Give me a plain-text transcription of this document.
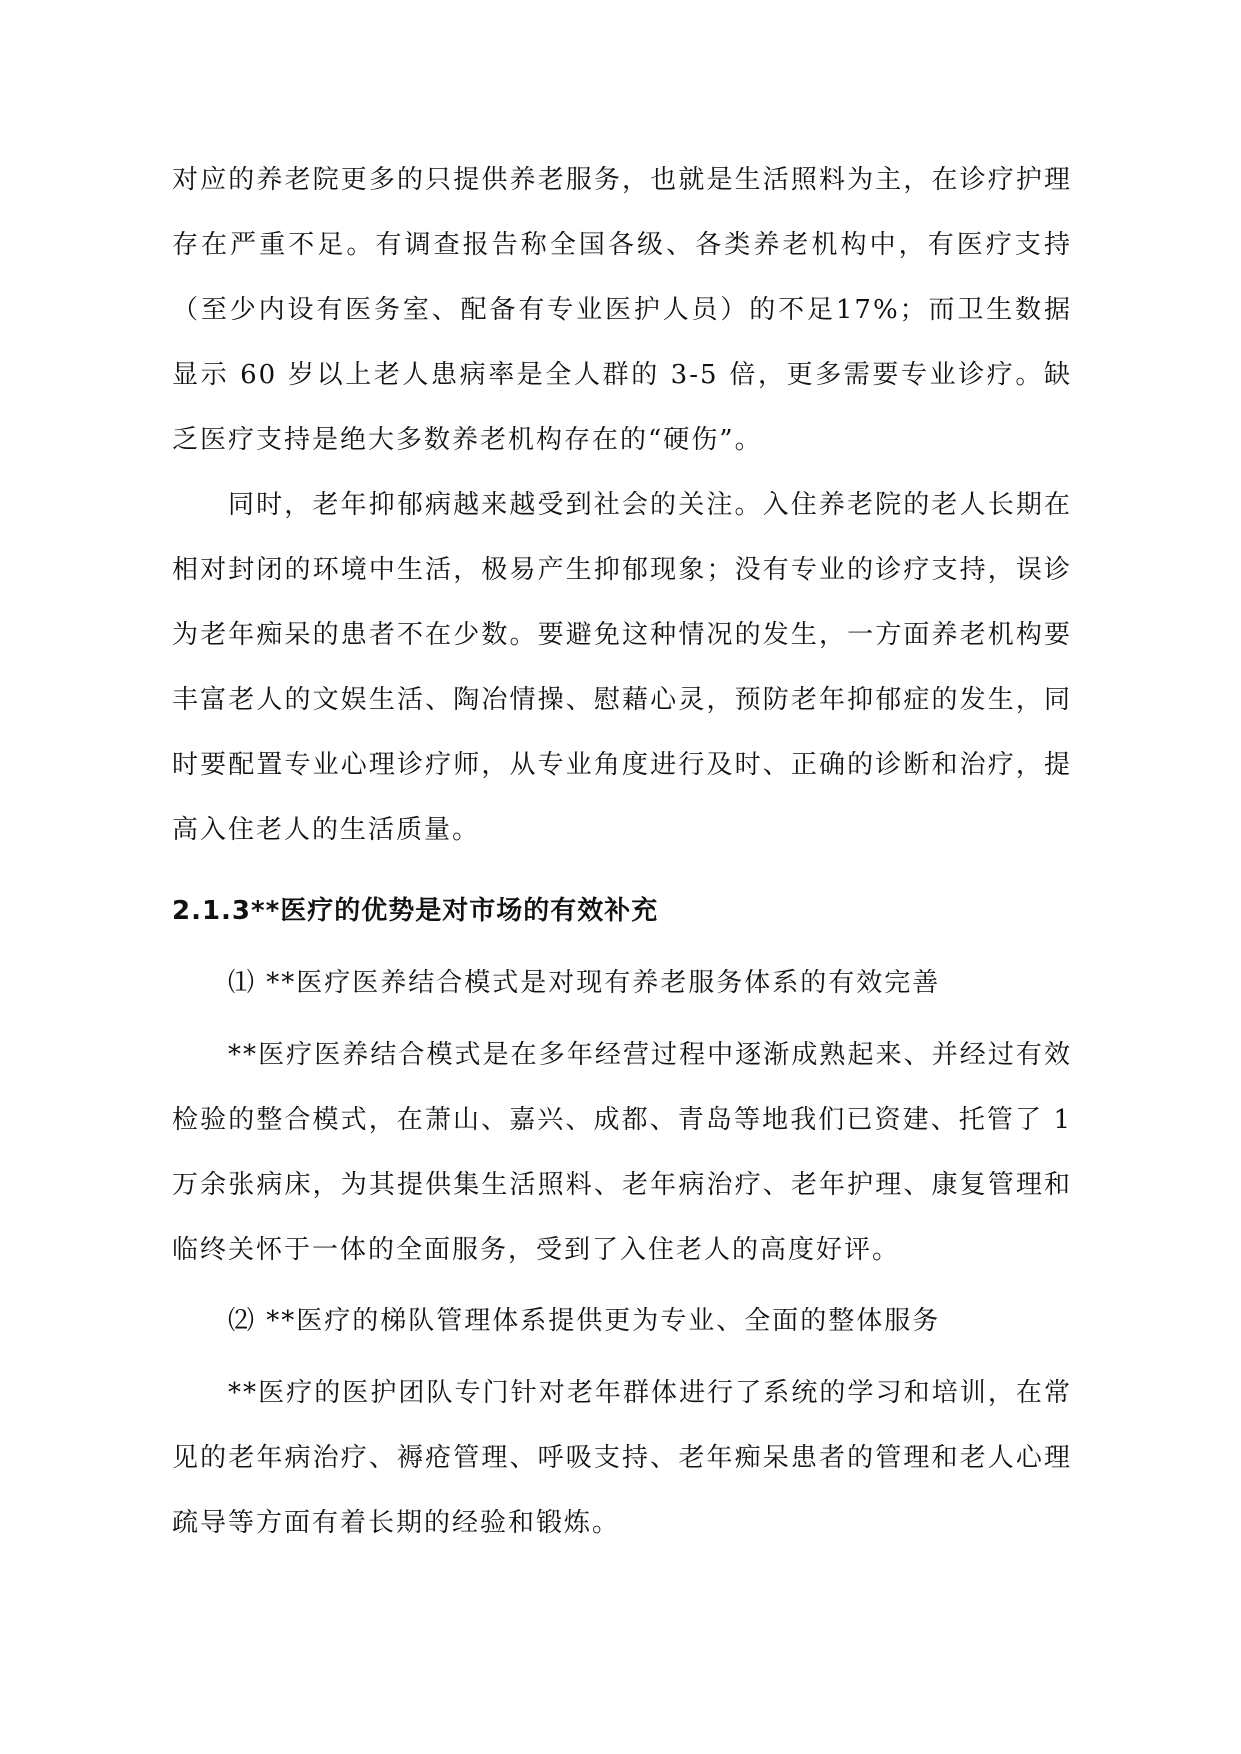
对应的养老院更多的只提供养老服务，也就是生活照料为主，在诊疗护理存在严重不足。有调查报告称全国各级、各类养老机构中，有医疗支持（至少内设有医务室、配备有专业医护人员）的不足17%；而卫生数据显示 60 岁以上老人患病率是全人群的 3-5 倍，更多需要专业诊疗。缺乏医疗支持是绝大多数养老机构存在的“硬伤”。

同时，老年抑郁病越来越受到社会的关注。入住养老院的老人长期在相对封闭的环境中生活，极易产生抑郁现象；没有专业的诊疗支持，误诊为老年痴呆的患者不在少数。要避免这种情况的发生，一方面养老机构要丰富老人的文娱生活、陶冶情操、慰藉心灵，预防老年抑郁症的发生，同时要配置专业心理诊疗师，从专业角度进行及时、正确的诊断和治疗，提高入住老人的生活质量。

2.1.3**医疗的优势是对市场的有效补充

⑴ **医疗医养结合模式是对现有养老服务体系的有效完善

**医疗医养结合模式是在多年经营过程中逐渐成熟起来、并经过有效检验的整合模式，在萧山、嘉兴、成都、青岛等地我们已资建、托管了 1 万余张病床，为其提供集生活照料、老年病治疗、老年护理、康复管理和临终关怀于一体的全面服务，受到了入住老人的高度好评。

⑵ **医疗的梯队管理体系提供更为专业、全面的整体服务

**医疗的医护团队专门针对老年群体进行了系统的学习和培训，在常见的老年病治疗、褥疮管理、呼吸支持、老年痴呆患者的管理和老人心理疏导等方面有着长期的经验和锻炼。
